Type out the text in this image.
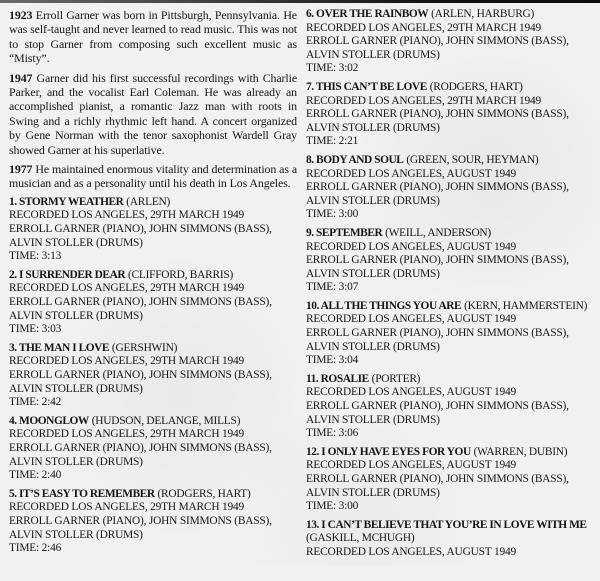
1923 Erroll Garner was born in Pittsburgh, Pennsylvania. He was self-taught and never learned to read music. This was not to stop Garner from composing such excellent music as “Misty”.

1947 Garner did his first successful recordings with Charlie Parker, and the vocalist Earl Coleman. He was already an accomplished pianist, a romantic Jazz man with roots in Swing and a richly rhythmic left hand. A concert organized by Gene Norman with the tenor saxophonist Wardell Gray showed Garner at his superlative.

1977 He maintained enormous vitality and determination as a musician and as a personality until his death in Los Angeles.

1. STORMY WEATHER (ARLEN)
RECORDED LOS ANGELES, 29TH MARCH 1949
ERROLL GARNER (PIANO), JOHN SIMMONS (BASS),
ALVIN STOLLER (DRUMS)
TIME: 3:13
2. I SURRENDER DEAR (CLIFFORD, BARRIS)
RECORDED LOS ANGELES, 29TH MARCH 1949
ERROLL GARNER (PIANO), JOHN SIMMONS (BASS),
ALVIN STOLLER (DRUMS)
TIME: 3:03
3. THE MAN I LOVE (GERSHWIN)
RECORDED LOS ANGELES, 29TH MARCH 1949
ERROLL GARNER (PIANO), JOHN SIMMONS (BASS),
ALVIN STOLLER (DRUMS)
TIME: 2:42
4. MOONGLOW (HUDSON, DELANGE, MILLS)
RECORDED LOS ANGELES, 29TH MARCH 1949
ERROLL GARNER (PIANO), JOHN SIMMONS (BASS),
ALVIN STOLLER (DRUMS)
TIME: 2:40
5. IT’S EASY TO REMEMBER (RODGERS, HART)
RECORDED LOS ANGELES, 29TH MARCH 1949
ERROLL GARNER (PIANO), JOHN SIMMONS (BASS),
ALVIN STOLLER (DRUMS)
TIME: 2:46
6. OVER THE RAINBOW (ARLEN, HARBURG)
RECORDED LOS ANGELES, 29TH MARCH 1949
ERROLL GARNER (PIANO), JOHN SIMMONS (BASS),
ALVIN STOLLER (DRUMS)
TIME: 3:02
7. THIS CAN’T BE LOVE (RODGERS, HART)
RECORDED LOS ANGELES, 29TH MARCH 1949
ERROLL GARNER (PIANO), JOHN SIMMONS (BASS),
ALVIN STOLLER (DRUMS)
TIME: 2:21
8. BODY AND SOUL (GREEN, SOUR, HEYMAN)
RECORDED LOS ANGELES, AUGUST 1949
ERROLL GARNER (PIANO), JOHN SIMMONS (BASS),
ALVIN STOLLER (DRUMS)
TIME: 3:00
9. SEPTEMBER (WEILL, ANDERSON)
RECORDED LOS ANGELES, AUGUST 1949
ERROLL GARNER (PIANO), JOHN SIMMONS (BASS),
ALVIN STOLLER (DRUMS)
TIME: 3:07
10. ALL THE THINGS YOU ARE (KERN, HAMMERSTEIN)
RECORDED LOS ANGELES, AUGUST 1949
ERROLL GARNER (PIANO), JOHN SIMMONS (BASS),
ALVIN STOLLER (DRUMS)
TIME: 3:04
11. ROSALIE (PORTER)
RECORDED LOS ANGELES, AUGUST 1949
ERROLL GARNER (PIANO), JOHN SIMMONS (BASS),
ALVIN STOLLER (DRUMS)
TIME: 3:06
12. I ONLY HAVE EYES FOR YOU (WARREN, DUBIN)
RECORDED LOS ANGELES, AUGUST 1949
ERROLL GARNER (PIANO), JOHN SIMMONS (BASS),
ALVIN STOLLER (DRUMS)
TIME: 3:00
13. I CAN’T BELIEVE THAT YOU’RE IN LOVE WITH ME (GASKILL, MCHUGH)
RECORDED LOS ANGELES, AUGUST 1949
